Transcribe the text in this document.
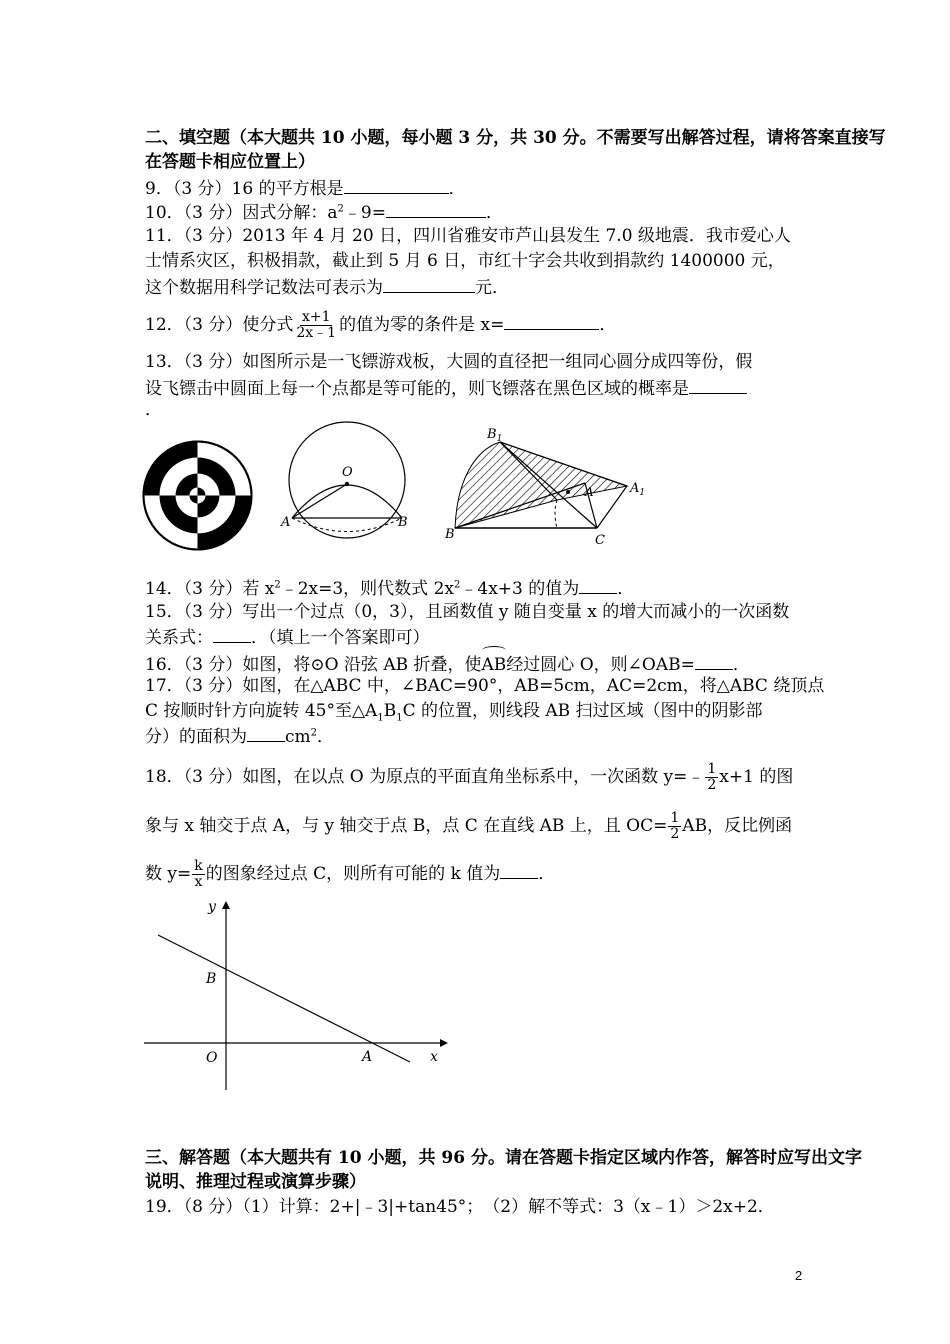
二、填空题（本大题共 10 小题，每小题 3 分，共 30 分。不需要写出解答过程，请将答案直接写
在答题卡相应位置上）
9．（3 分）16 的平方根是	．
10．（3 分）因式分解：$a^2﹣9=$	．
11．（3 分）2013 年 4 月 20 日，四川省雅安市芦山县发生 7.0 级地震．我市爱心人
士情系灾区，积极捐款，截止到 5 月 6 日，市红十字会共收到捐款约 1400000 元，
这个数据用科学记数法可表示为	元．
12．（3 分）使分式 $\frac{x+1}{2x﹣1}$ 的值为零的条件是 x=	．
13．（3 分）如图所示是一飞镖游戏板，大圆的直径把一组同心圆分成四等份，假
设飞镖击中圆面上每一个点都是等可能的，则飞镖落在黑色区域的概率是
．
O
A	B
$B_1$
A	$A_1$
B	C
14．（3 分）若 $x^2﹣2x=3$，则代数式 $2x^2﹣4x+3$ 的值为 ．
15．（3 分）写出一个过点（0，3），且函数值 y 随自变量 x 的增大而减小的一次函数
关系式： ．（填上一个答案即可）
16．（3 分）如图，将⊙O 沿弦 AB 折叠，使
AB经过圆心 O，则∠OAB= ．
17．（3 分）如图，在△ABC 中，∠BAC=90°，AB=5cm，AC=2cm，将△ABC 绕顶点
C 按顺时针方向旋转 45°至$\triangle A_1B_1C$ 的位置，则线段 AB 扫过区域（图中的阴影部
分）的面积为 $cm^2$．
18．（3 分）如图，在以点 O 为原点的平面直角坐标系中，一次函数 y=﹣ $\frac{1}{2} x+1$ 的图
象与 x 轴交于点 A，与 y 轴交于点 B，点 C 在直线 AB 上，且 $OC= \frac{1}{2}$ AB，反比例函
数 $y= \frac{k}{x}$ 的图象经过点 C，则所有可能的 k 值为 ．
y
x
B
O	A
三、解答题（本大题共有 10 小题，共 96 分。请在答题卡指定区域内作答，解答时应写出文字
说明、推理过程或演算步骤）
19．（8 分）（1）计算：2+|﹣3|+tan45°；　（2）解不等式：3（x﹣1）＞2x+2．
2
